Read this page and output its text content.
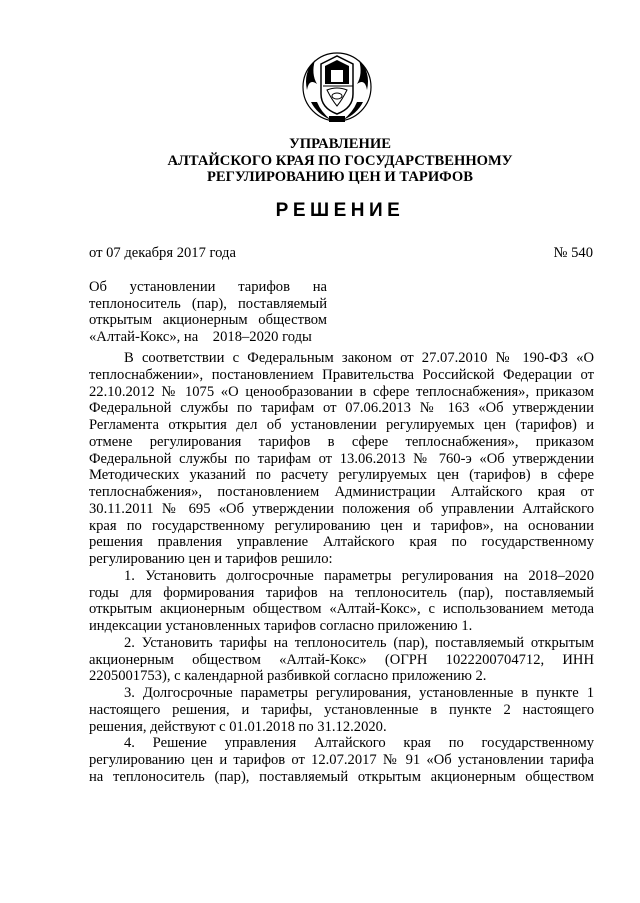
УПРАВЛЕНИЕ
АЛТАЙСКОГО КРАЯ ПО ГОСУДАРСТВЕННОМУ
РЕГУЛИРОВАНИЮ ЦЕН И ТАРИФОВ
РЕШЕНИЕ
от 07 декабря 2017 года	№ 540
Об установлении тарифов на
теплоноситель (пар), поставляемый
открытым акционерным обществом
«Алтай-Кокс», на    2018–2020 годы
В соответствии с Федеральным законом от 27.07.2010 № 190-ФЗ «О
теплоснабжении», постановлением Правительства Российской Федерации от
22.10.2012 № 1075 «О ценообразовании в сфере теплоснабжения», приказом
Федеральной службы по тарифам от 07.06.2013 № 163 «Об утверждении
Регламента открытия дел об установлении регулируемых цен (тарифов) и
отмене регулирования тарифов в сфере теплоснабжения», приказом
Федеральной службы по тарифам от 13.06.2013 № 760-э «Об утверждении
Методических указаний по расчету регулируемых цен (тарифов) в сфере
теплоснабжения», постановлением Администрации Алтайского края от
30.11.2011 № 695 «Об утверждении положения об управлении Алтайского
края по государственному регулированию цен и тарифов», на основании
решения правления управление Алтайского края по государственному
регулированию цен и тарифов решило:
1. Установить долгосрочные параметры регулирования на 2018–2020
годы для формирования тарифов на теплоноситель (пар), поставляемый
открытым акционерным обществом «Алтай-Кокс», с использованием метода
индексации установленных тарифов согласно приложению 1.
2. Установить тарифы на теплоноситель (пар), поставляемый открытым
акционерным обществом «Алтай-Кокс» (ОГРН 1022200704712, ИНН
2205001753), с календарной разбивкой согласно приложению 2.
3. Долгосрочные параметры регулирования, установленные в пункте 1
настоящего решения, и тарифы, установленные в пункте 2 настоящего
решения, действуют с 01.01.2018 по 31.12.2020.
4. Решение управления Алтайского края по государственному
регулированию цен и тарифов от 12.07.2017 № 91 «Об установлении тарифа
на теплоноситель (пар), поставляемый открытым акционерным обществом
